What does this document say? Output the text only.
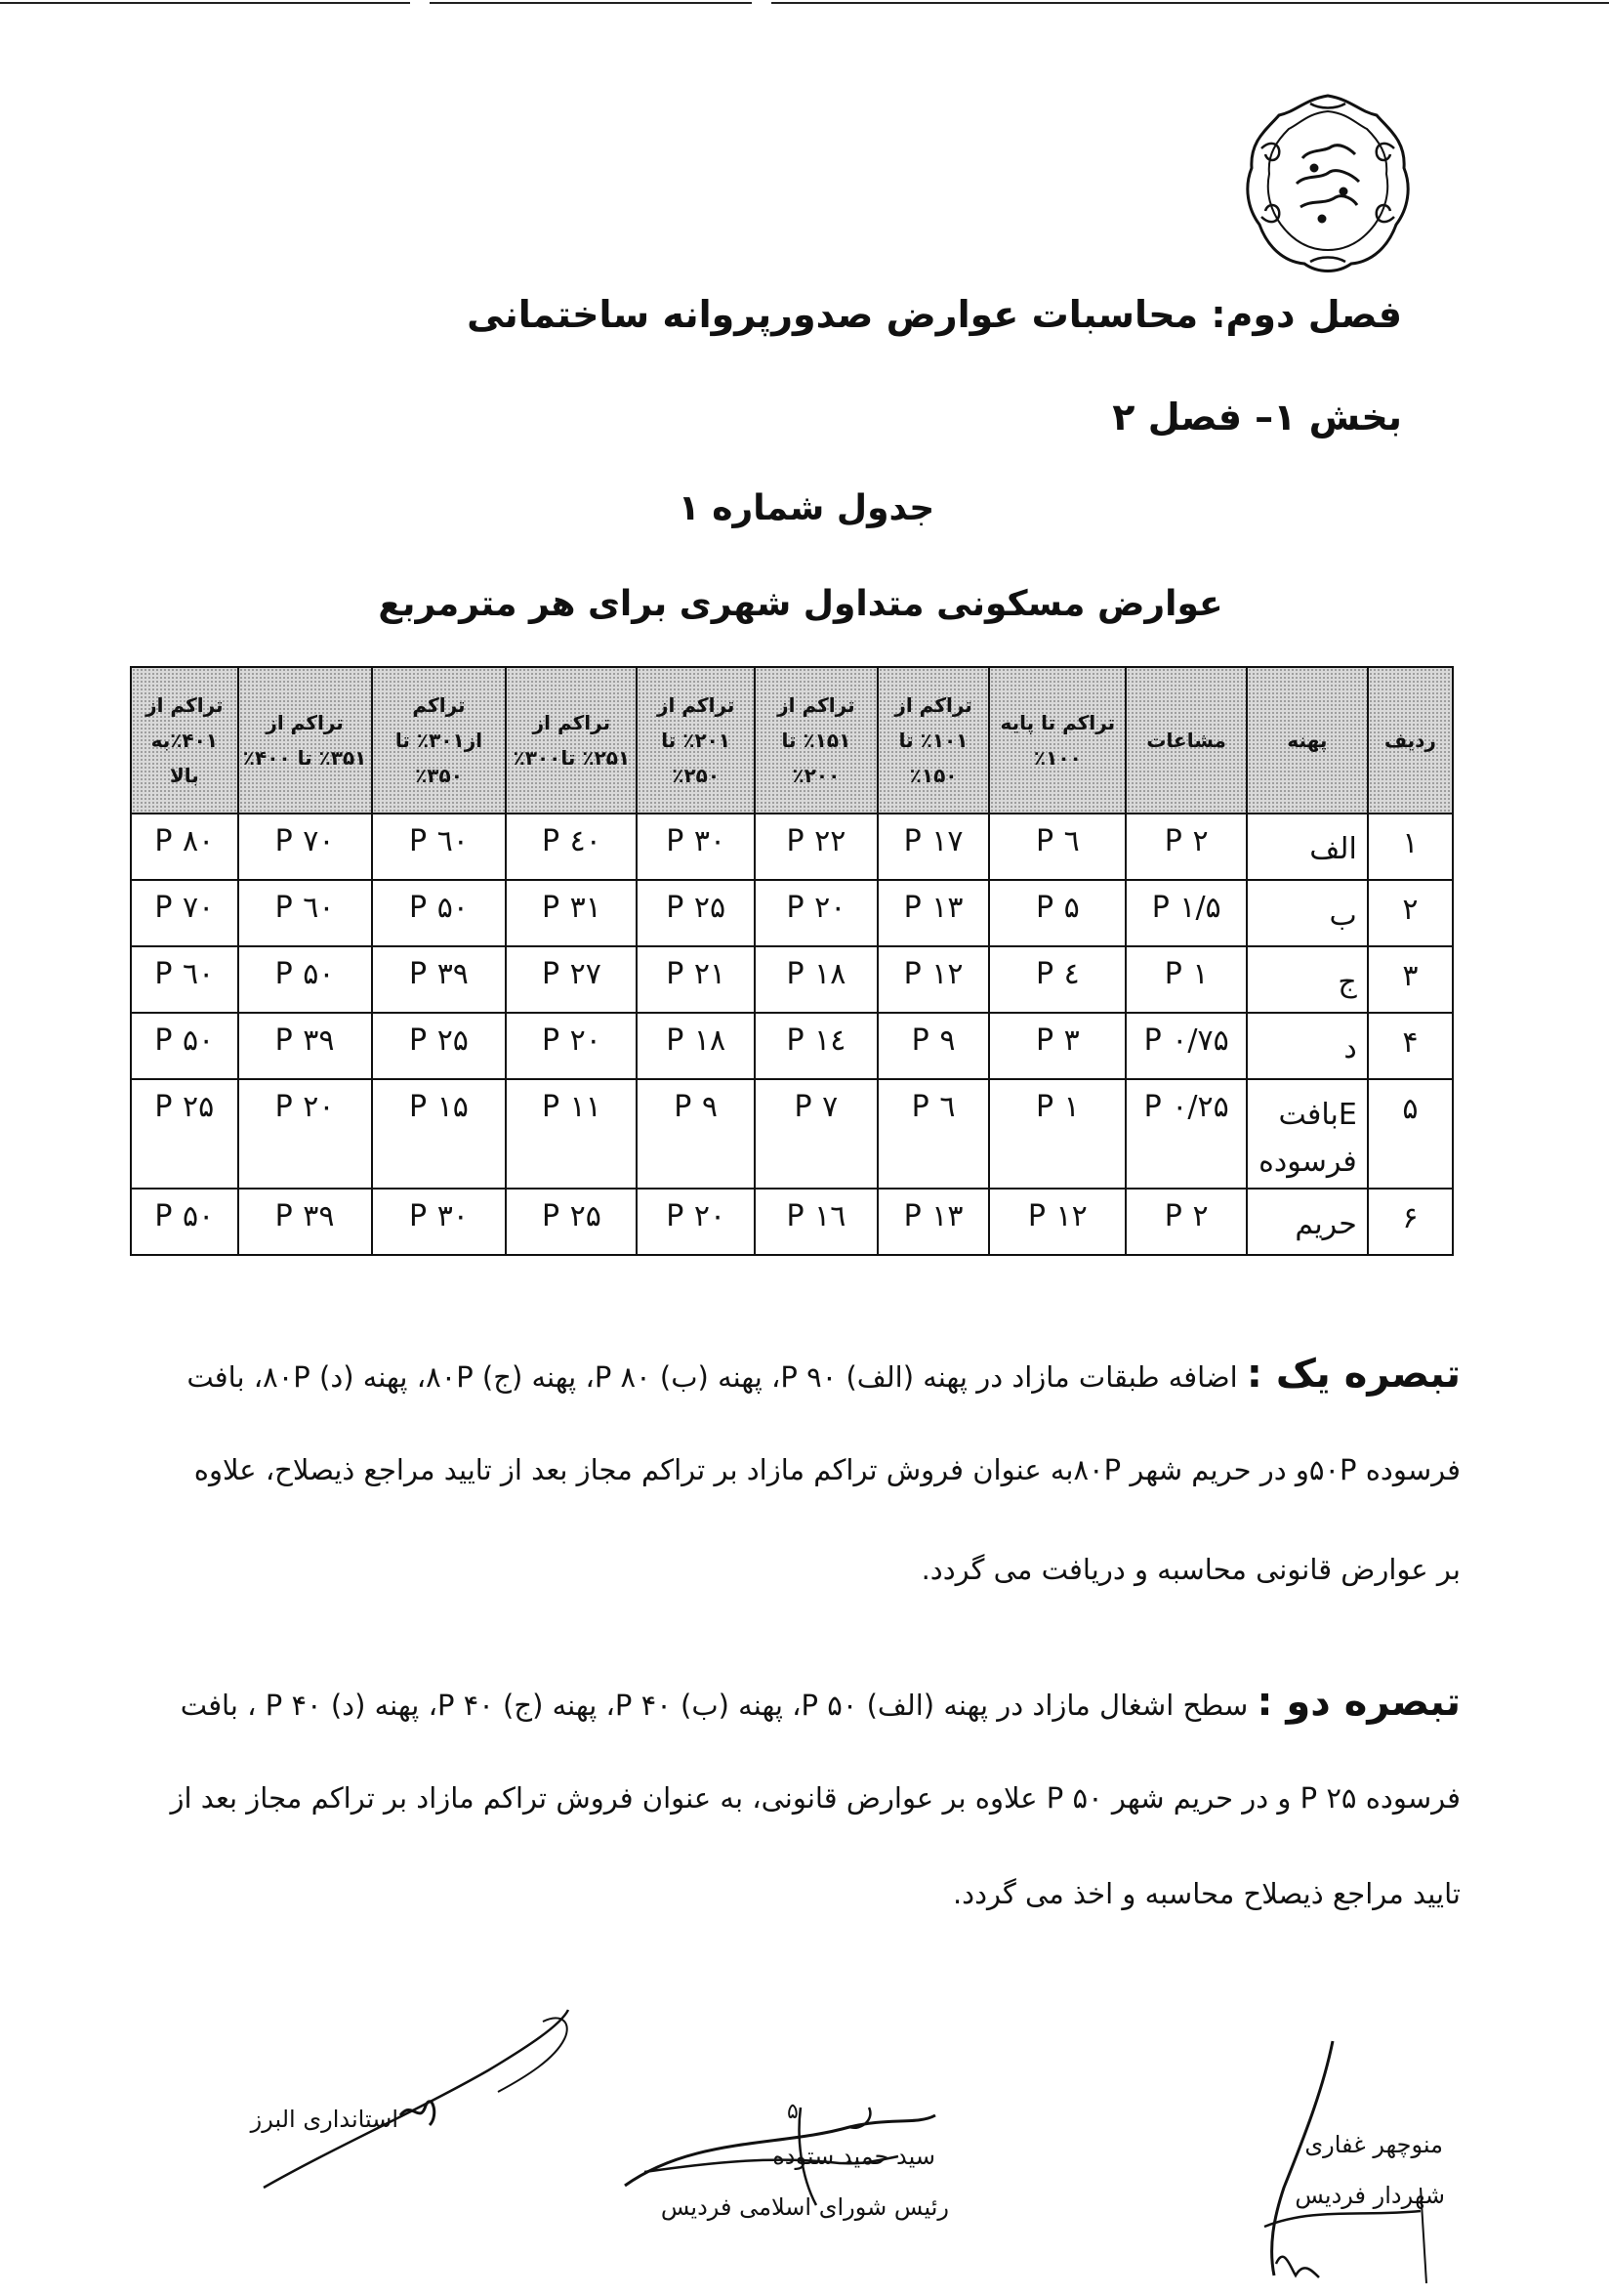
فصل دوم: محاسبات عوارض صدورپروانه ساختمانی
بخش ۱– فصل ۲
جدول شماره ۱
عوارض مسکونی متداول شهری برای هر مترمربع
ردیف	پهنه	مشاعات	تراکم تا پایه ۱۰۰٪	تراکم از ۱۰۱٪ تا ۱۵۰٪	تراکم از ۱۵۱٪ تا ۲۰۰٪	تراکم از ۲۰۱٪ تا ۲۵۰٪	تراکم از ۲۵۱٪ تا۳۰۰٪	تراکم از۳۰۱٪ تا ۳۵۰٪	تراکم از ۳۵۱٪ تا ۴۰۰٪	تراکم از ۴۰۱٪به بالا
۱	الف	۲ P	٦ P	۱۷ P	۲۲ P	۳۰ P	٤۰ P	٦۰ P	۷۰ P	۸۰ P
۲	ب	۱/۵ P	۵ P	۱۳ P	۲۰ P	۲۵ P	۳۱ P	۵۰ P	٦۰ P	۷۰ P
۳	ج	۱ P	٤ P	۱۲ P	۱۸ P	۲۱ P	۲۷ P	۳۹ P	۵۰ P	٦۰ P
۴	د	۰/۷۵ P	۳ P	۹ P	۱٤ P	۱۸ P	۲۰ P	۲۵ P	۳۹ P	۵۰ P
۵	Eبافت فرسوده	۰/۲۵ P	۱ P	٦ P	۷ P	۹ P	۱۱ P	۱۵ P	۲۰ P	۲۵ P
۶	حریم	۲ P	۱۲ P	۱۳ P	۱٦ P	۲۰ P	۲۵ P	۳۰ P	۳۹ P	۵۰ P
تبصره یک : اضافه طبقات مازاد در پهنه (الف) ۹۰ P، پهنه (ب) ۸۰ P، پهنه (ج) ۸۰P، پهنه (د) ۸۰P، بافت
فرسوده ۵۰Pو در حریم شهر ۸۰Pبه عنوان فروش تراکم مازاد بر تراکم مجاز بعد از تایید مراجع ذیصلاح، علاوه
بر عوارض قانونی محاسبه و دریافت می گردد.
تبصره دو : سطح اشغال مازاد در پهنه (الف) ۵۰ P، پهنه (ب) ۴۰ P، پهنه (ج) ۴۰ P، پهنه (د) ۴۰ P ، بافت
فرسوده ۲۵ P و در حریم شهر ۵۰ P علاوه بر عوارض قانونی، به عنوان فروش تراکم مازاد بر تراکم مجاز بعد از
تایید مراجع ذیصلاح محاسبه و اخذ می گردد.
۵
منوچهر غفاری
شهردار فردیس
سید حمید ستوده
رئیس شورای اسلامی فردیس
استانداری البرز
